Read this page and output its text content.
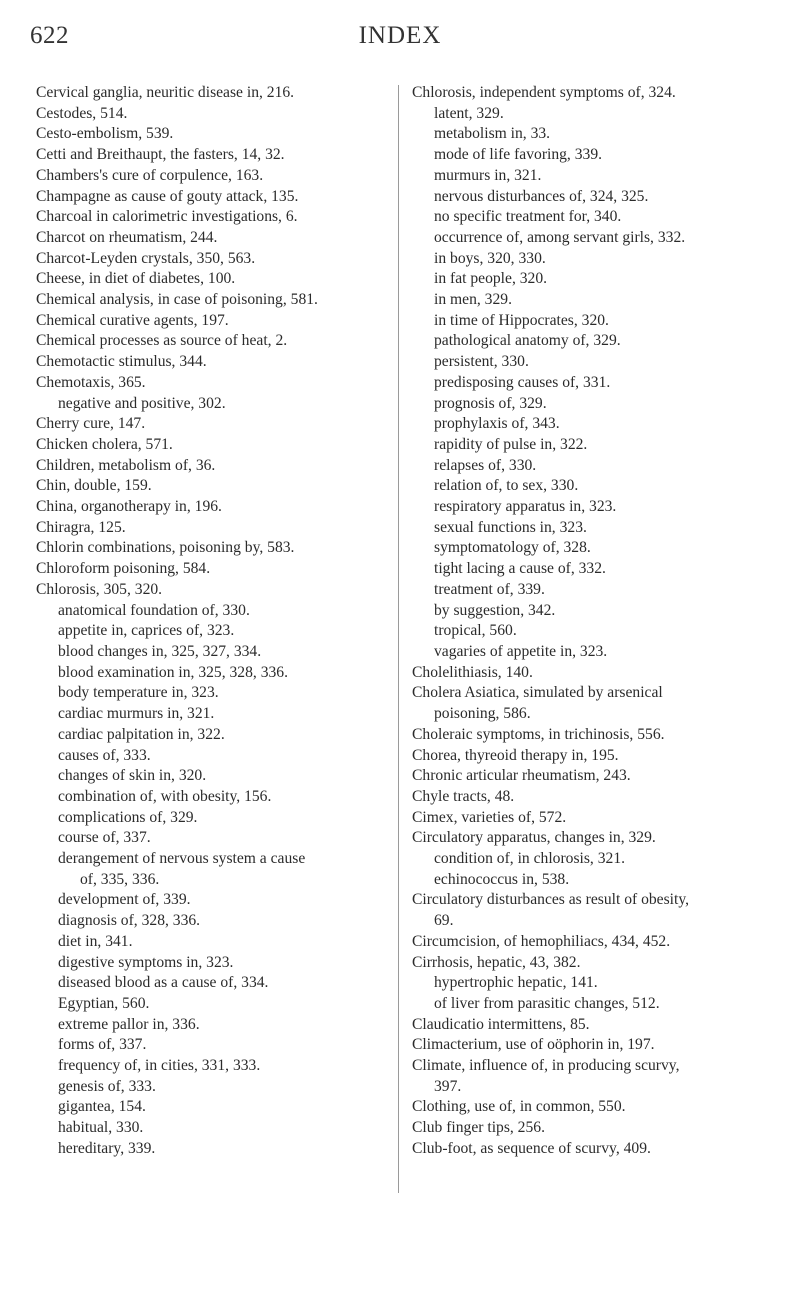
622	INDEX
Cervical ganglia, neuritic disease in, 216.
Cestodes, 514.
Cesto-embolism, 539.
Cetti and Breithaupt, the fasters, 14, 32.
Chambers's cure of corpulence, 163.
Champagne as cause of gouty attack, 135.
Charcoal in calorimetric investigations, 6.
Charcot on rheumatism, 244.
Charcot-Leyden crystals, 350, 563.
Cheese, in diet of diabetes, 100.
Chemical analysis, in case of poisoning, 581.
Chemical curative agents, 197.
Chemical processes as source of heat, 2.
Chemotactic stimulus, 344.
Chemotaxis, 365.
negative and positive, 302.
Cherry cure, 147.
Chicken cholera, 571.
Children, metabolism of, 36.
Chin, double, 159.
China, organotherapy in, 196.
Chiragra, 125.
Chlorin combinations, poisoning by, 583.
Chloroform poisoning, 584.
Chlorosis, 305, 320.
anatomical foundation of, 330.
appetite in, caprices of, 323.
blood changes in, 325, 327, 334.
blood examination in, 325, 328, 336.
body temperature in, 323.
cardiac murmurs in, 321.
cardiac palpitation in, 322.
causes of, 333.
changes of skin in, 320.
combination of, with obesity, 156.
complications of, 329.
course of, 337.
derangement of nervous system a cause
of, 335, 336.
development of, 339.
diagnosis of, 328, 336.
diet in, 341.
digestive symptoms in, 323.
diseased blood as a cause of, 334.
Egyptian, 560.
extreme pallor in, 336.
forms of, 337.
frequency of, in cities, 331, 333.
genesis of, 333.
gigantea, 154.
habitual, 330.
hereditary, 339.
Chlorosis, independent symptoms of, 324.
latent, 329.
metabolism in, 33.
mode of life favoring, 339.
murmurs in, 321.
nervous disturbances of, 324, 325.
no specific treatment for, 340.
occurrence of, among servant girls, 332.
in boys, 320, 330.
in fat people, 320.
in men, 329.
in time of Hippocrates, 320.
pathological anatomy of, 329.
persistent, 330.
predisposing causes of, 331.
prognosis of, 329.
prophylaxis of, 343.
rapidity of pulse in, 322.
relapses of, 330.
relation of, to sex, 330.
respiratory apparatus in, 323.
sexual functions in, 323.
symptomatology of, 328.
tight lacing a cause of, 332.
treatment of, 339.
by suggestion, 342.
tropical, 560.
vagaries of appetite in, 323.
Cholelithiasis, 140.
Cholera Asiatica, simulated by arsenical
poisoning, 586.
Choleraic symptoms, in trichinosis, 556.
Chorea, thyreoid therapy in, 195.
Chronic articular rheumatism, 243.
Chyle tracts, 48.
Cimex, varieties of, 572.
Circulatory apparatus, changes in, 329.
condition of, in chlorosis, 321.
echinococcus in, 538.
Circulatory disturbances as result of obesity,
69.
Circumcision, of hemophiliacs, 434, 452.
Cirrhosis, hepatic, 43, 382.
hypertrophic hepatic, 141.
of liver from parasitic changes, 512.
Claudicatio intermittens, 85.
Climacterium, use of oöphorin in, 197.
Climate, influence of, in producing scurvy,
397.
Clothing, use of, in common, 550.
Club finger tips, 256.
Club-foot, as sequence of scurvy, 409.
